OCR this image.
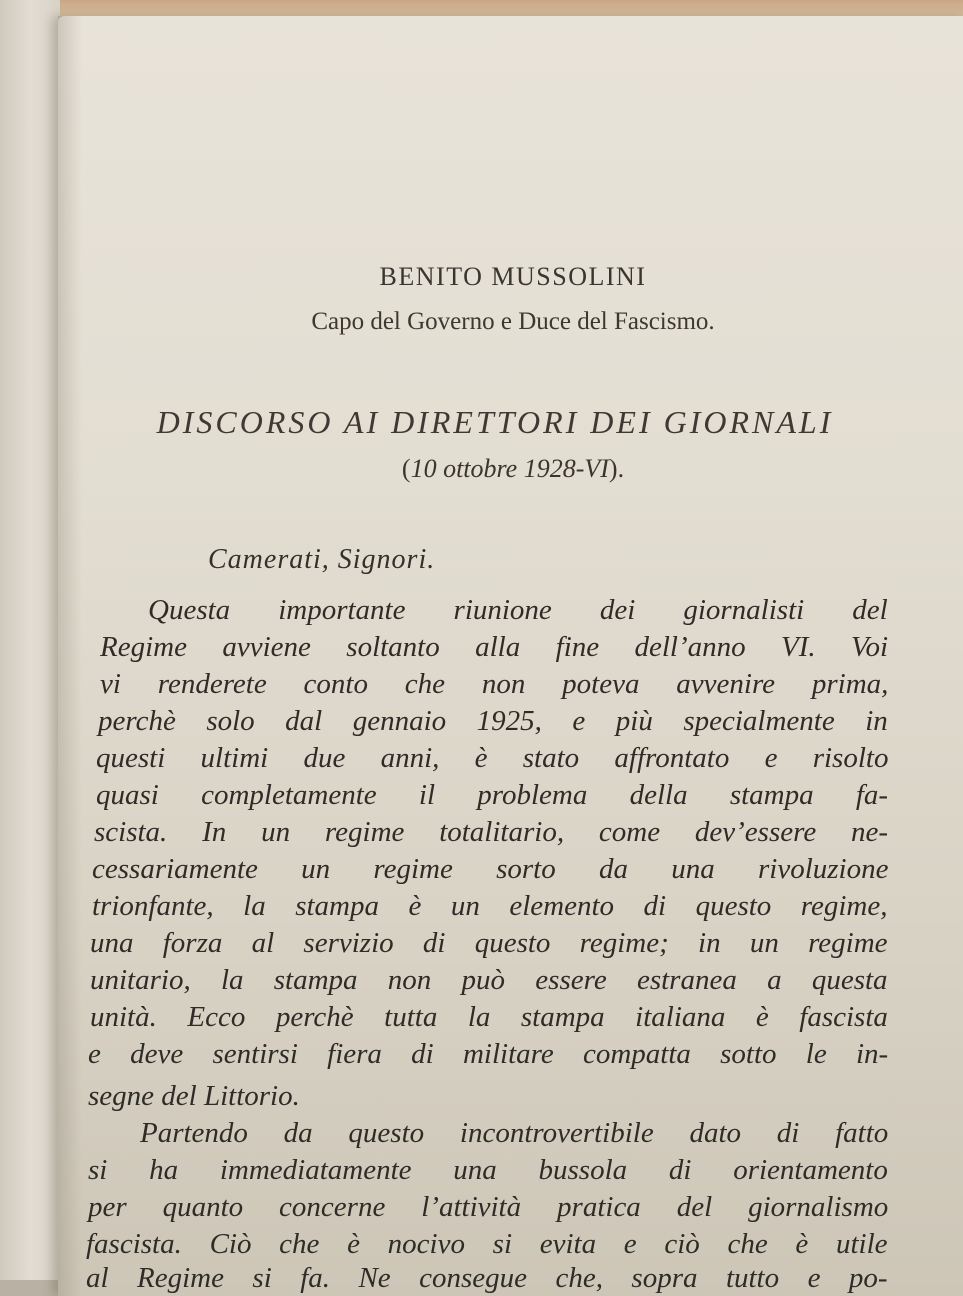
BENITO MUSSOLINI
Capo del Governo e Duce del Fascismo.
DISCORSO AI DIRETTORI DEI GIORNALI
(10 ottobre 1928-VI).
Camerati, Signori.
Questa importante riunione dei giornalisti del
Regime avviene soltanto alla fine dell’anno VI. Voi
vi renderete conto che non poteva avvenire prima,
perchè solo dal gennaio 1925, e più specialmente in
questi ultimi due anni, è stato affrontato e risolto
quasi completamente il problema della stampa fa-
scista. In un regime totalitario, come dev’essere ne-
cessariamente un regime sorto da una rivoluzione
trionfante, la stampa è un elemento di questo regime,
una forza al servizio di questo regime; in un regime
unitario, la stampa non può essere estranea a questa
unità. Ecco perchè tutta la stampa italiana è fascista
e deve sentirsi fiera di militare compatta sotto le in-
segne del Littorio.
Partendo da questo incontrovertibile dato di fatto
si ha immediatamente una bussola di orientamento
per quanto concerne l’attività pratica del giornalismo
fascista. Ciò che è nocivo si evita e ciò che è utile
al Regime si fa. Ne consegue che, sopra tutto e po-
